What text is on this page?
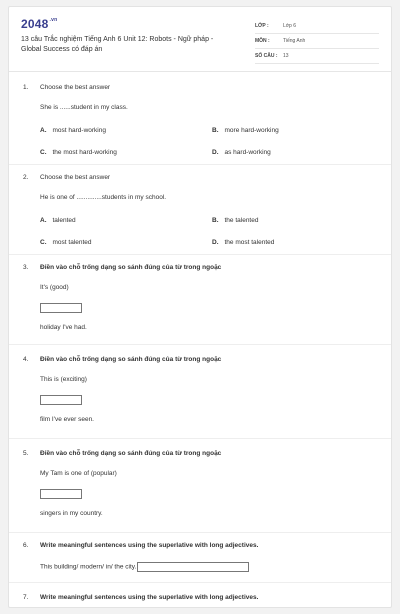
$2048^{.vn}$
13 câu Trắc nghiệm Tiếng Anh 6 Unit 12: Robots - Ngữ pháp - Global Success có đáp án
LỚP :	Lớp 6
MÔN :	Tiếng Anh
SỐ CÂU : 13
1. Choose the best answer
She is ......student in my class.
A. most hard-working	B. more hard-working
C. the most hard-working	D. as hard-working
2. Choose the best answer
He is one of ..............students in my school.
A. talented	B. the talented
C. most talented	D. the most talented
3. Điền vào chỗ trống dạng so sánh đúng của từ trong ngoặc
It's (good)
holiday I've had.
4. Điền vào chỗ trống dạng so sánh đúng của từ trong ngoặc
This is (exciting)
film I've ever seen.
5. Điền vào chỗ trống dạng so sánh đúng của từ trong ngoặc
My Tam is one of (popular)
singers in my country.
6. Write meaningful sentences using the superlative with long adjectives.
This building/ modern/ in/ the city.
7. Write meaningful sentences using the superlative with long adjectives.
